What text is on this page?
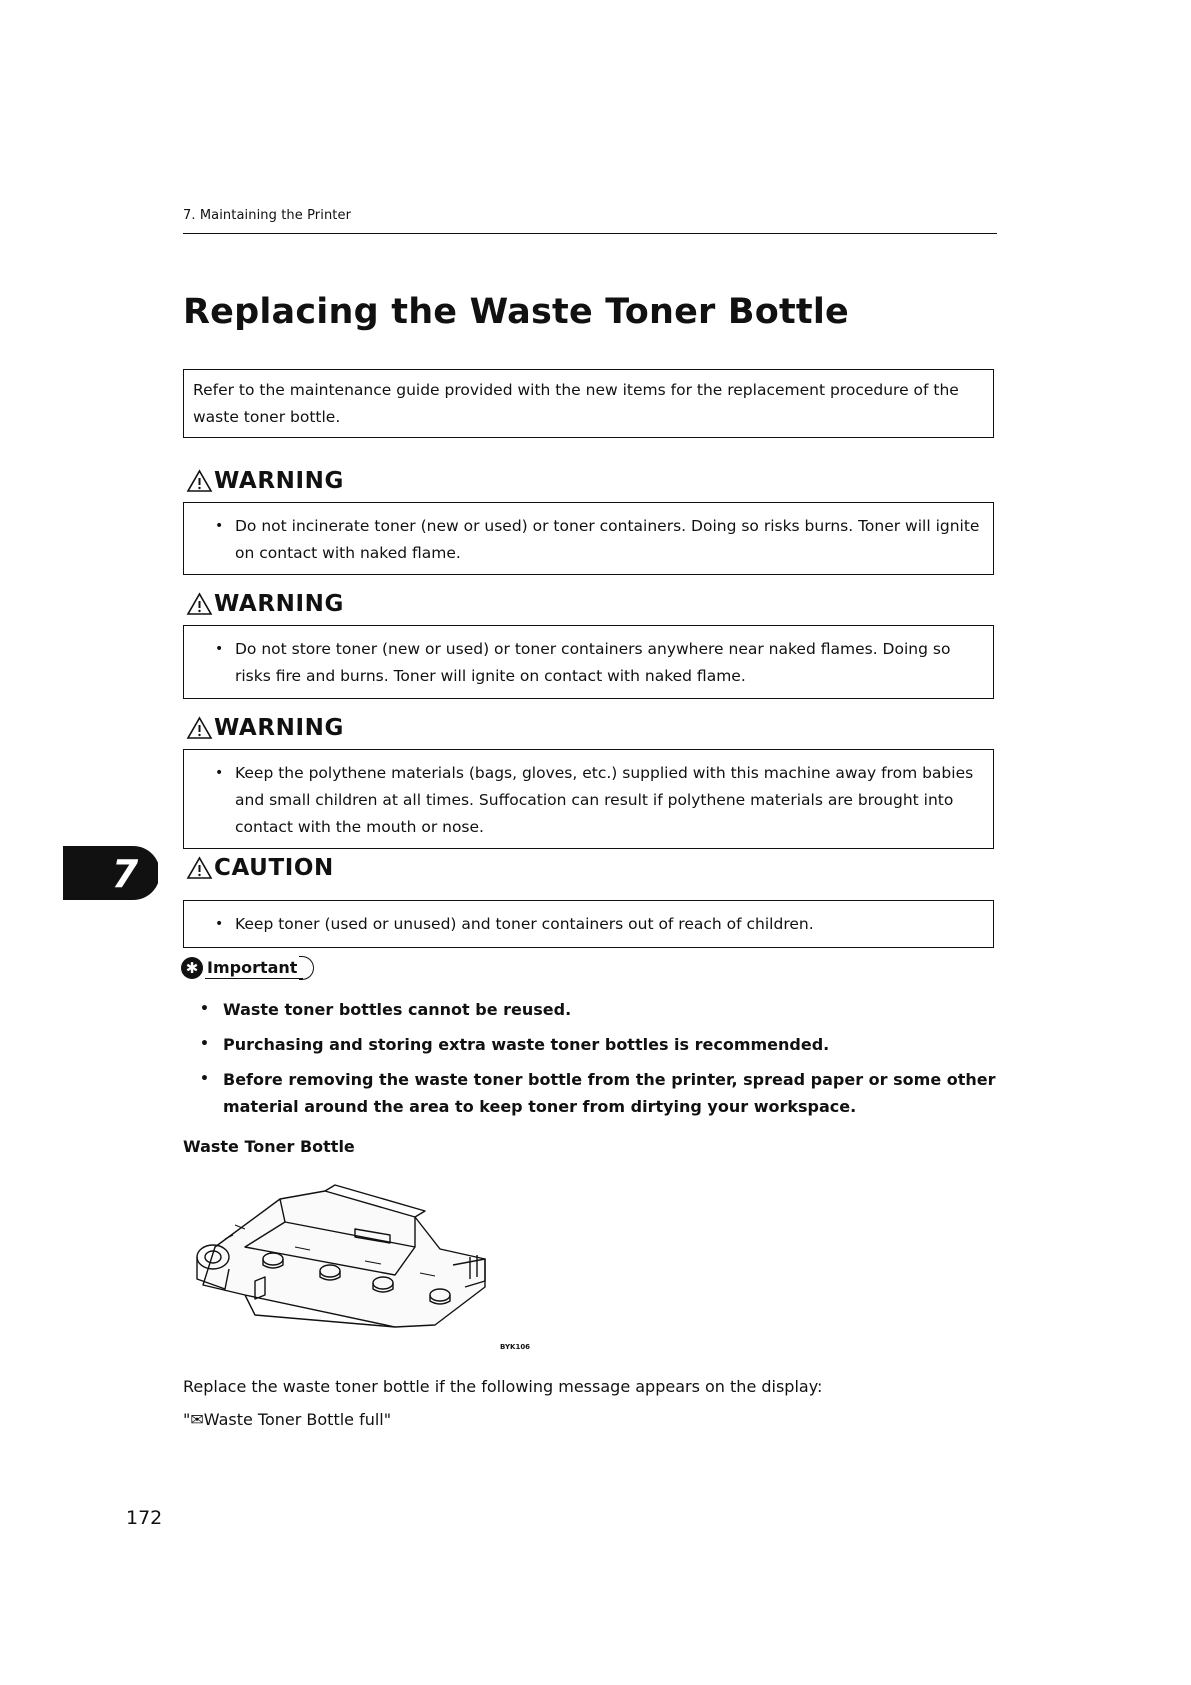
7. Maintaining the Printer
Replacing the Waste Toner Bottle
Refer to the maintenance guide provided with the new items for the replacement procedure of the waste toner bottle.
WARNING
• Do not incinerate toner (new or used) or toner containers. Doing so risks burns. Toner will ignite on contact with naked flame.
WARNING
• Do not store toner (new or used) or toner containers anywhere near naked flames. Doing so risks fire and burns. Toner will ignite on contact with naked flame.
WARNING
• Keep the polythene materials (bags, gloves, etc.) supplied with this machine away from babies and small children at all times. Suffocation can result if polythene materials are brought into contact with the mouth or nose.
7	CAUTION
• Keep toner (used or unused) and toner containers out of reach of children.
✱ Important
• Waste toner bottles cannot be reused.
• Purchasing and storing extra waste toner bottles is recommended.
• Before removing the waste toner bottle from the printer, spread paper or some other material around the area to keep toner from dirtying your workspace.
Waste Toner Bottle
BYK106
Replace the waste toner bottle if the following message appears on the display:
"✉Waste Toner Bottle full"
172
